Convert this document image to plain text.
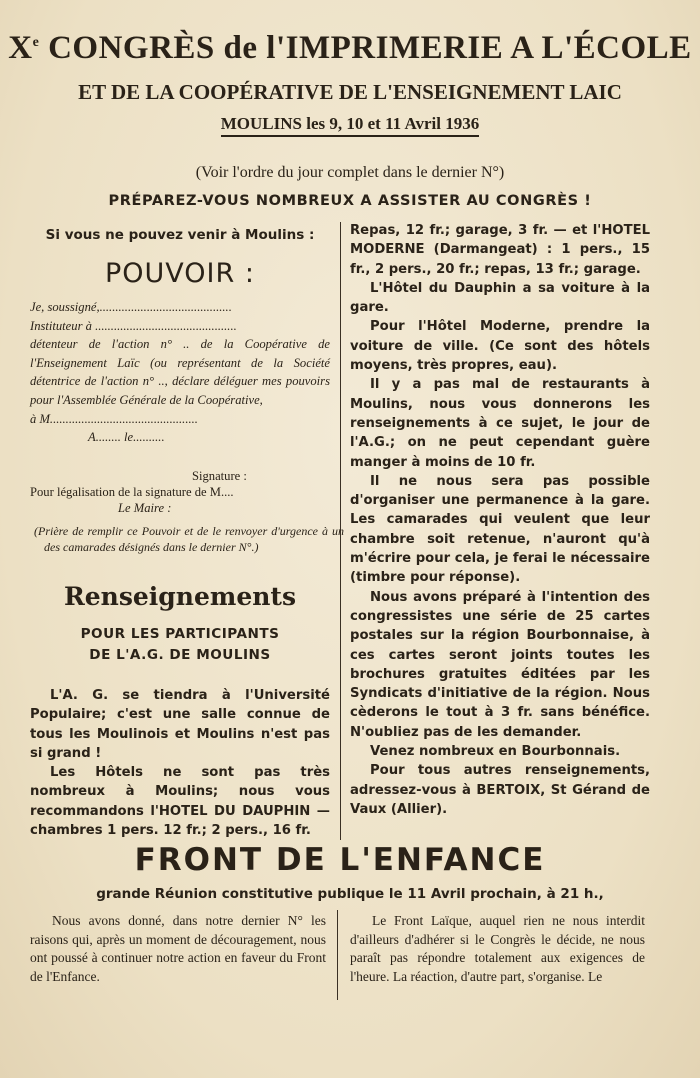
Xe CONGRÈS de l'IMPRIMERIE A L'ÉCOLE
ET DE LA COOPÉRATIVE DE L'ENSEIGNEMENT LAIC
MOULINS les 9, 10 et 11 Avril 1936
(Voir l'ordre du jour complet dans le dernier N°)
PRÉPAREZ-VOUS NOMBREUX A ASSISTER AU CONGRÈS !
Si vous ne pouvez venir à Moulins :
POUVOIR :
Je, soussigné,..........................................
Instituteur à .............................................
détenteur de l'action n° .. de la Coopérative de l'Enseignement Laïc (ou représentant de la Société détentrice de l'action n° .., déclare déléguer mes pouvoirs pour l'Assemblée Générale de la Coopérative,
à M...............................................
A........ le..........
Signature :
Pour légalisation de la signature de M....
Le Maire :
(Prière de remplir ce Pouvoir et de le renvoyer d'urgence à un des camarades désignés dans le dernier N°.)
Renseignements
POUR LES PARTICIPANTS
DE L'A.G. DE MOULINS

L'A. G. se tiendra à l'Université Populaire; c'est une salle connue de tous les Moulinois et Moulins n'est pas si grand !

Les Hôtels ne sont pas très nombreux à Moulins; nous vous recommandons l'HOTEL DU DAUPHIN — chambres 1 pers. 12 fr.; 2 pers., 16 fr.

Repas, 12 fr.; garage, 3 fr. — et l'HOTEL MODERNE (Darmangeat) : 1 pers., 15 fr., 2 pers., 20 fr.; repas, 13 fr.; garage.

L'Hôtel du Dauphin a sa voiture à la gare.

Pour l'Hôtel Moderne, prendre la voiture de ville. (Ce sont des hôtels moyens, très propres, eau).

Il y a pas mal de restaurants à Moulins, nous vous donnerons les renseignements à ce sujet, le jour de l'A.G.; on ne peut cependant guère manger à moins de 10 fr.

Il ne nous sera pas possible d'organiser une permanence à la gare. Les camarades qui veulent que leur chambre soit retenue, n'auront qu'à m'écrire pour cela, je ferai le nécessaire (timbre pour réponse).

Nous avons préparé à l'intention des congressistes une série de 25 cartes postales sur la région Bourbonnaise, à ces cartes seront joints toutes les brochures gratuites éditées par les Syndicats d'initiative de la région. Nous cèderons le tout à 3 fr. sans bénéfice. N'oubliez pas de les demander.

Venez nombreux en Bourbonnais.

Pour tous autres renseignements, adressez-vous à BERTOIX, St Gérand de Vaux (Allier).

FRONT DE L'ENFANCE
grande Réunion constitutive publique le 11 Avril prochain, à 21 h.,

Nous avons donné, dans notre dernier N° les raisons qui, après un moment de découragement, nous ont poussé à continuer notre action en faveur du Front de l'Enfance.

Le Front Laïque, auquel rien ne nous interdit d'ailleurs d'adhérer si le Congrès le décide, ne nous paraît pas répondre totalement aux exigences de l'heure. La réaction, d'autre part, s'organise. Le
